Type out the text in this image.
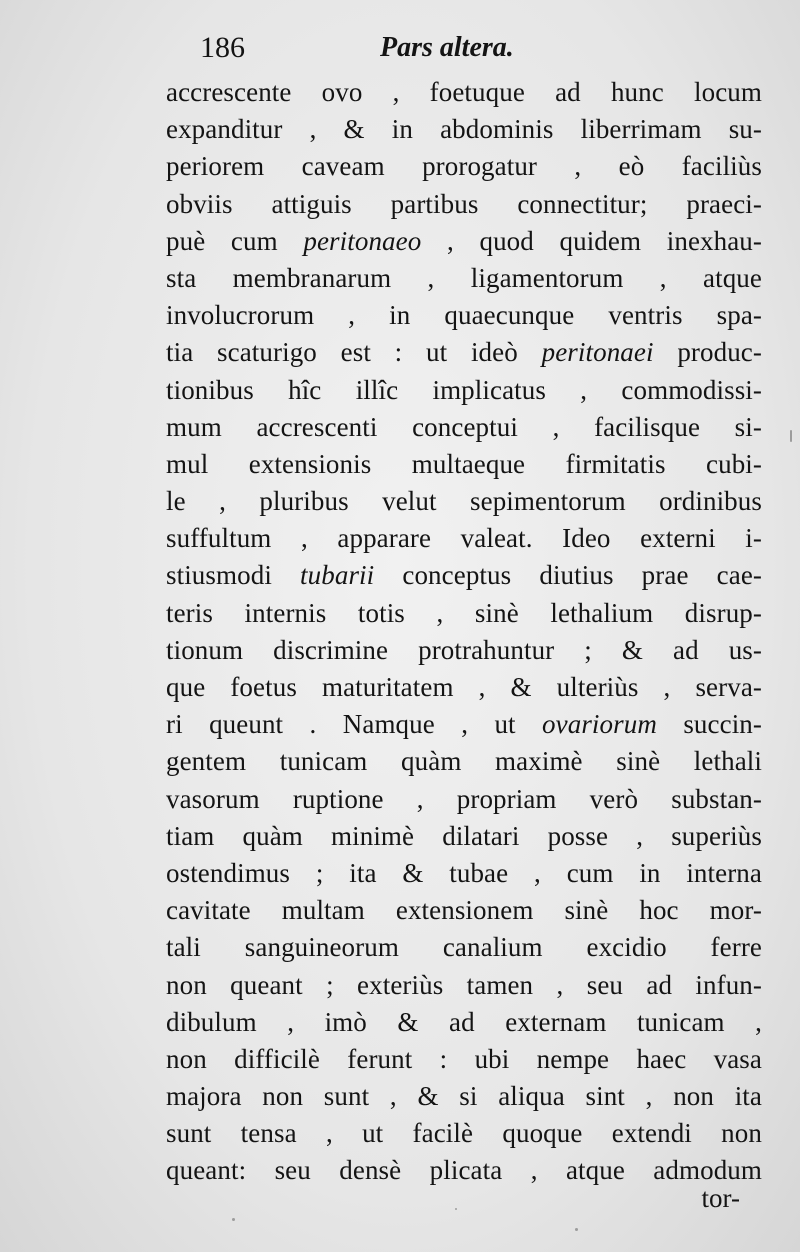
186	Pars altera.
accrescente ovo , foetuque ad hunc locum
expanditur , & in abdominis liberrimam su-
periorem caveam prorogatur , eò faciliùs
obviis attiguis partibus connectitur; praeci-
puè cum peritonaeo , quod quidem inexhau-
sta membranarum , ligamentorum , atque
involucrorum , in quaecunque ventris spa-
tia scaturigo est : ut ideò peritonaei produc-
tionibus hîc illîc implicatus , commodissi-
mum accrescenti conceptui , facilisque si-
mul extensionis multaeque firmitatis cubi-
le , pluribus velut sepimentorum ordinibus
suffultum , apparare valeat. Ideo externi i-
stiusmodi tubarii conceptus diutius prae cae-
teris internis totis , sinè lethalium disrup-
tionum discrimine protrahuntur ; & ad us-
que foetus maturitatem , & ulteriùs , serva-
ri queunt . Namque , ut ovariorum succin-
gentem tunicam quàm maximè sinè lethali
vasorum ruptione , propriam verò substan-
tiam quàm minimè dilatari posse , superiùs
ostendimus ; ita & tubae , cum in interna
cavitate multam extensionem sinè hoc mor-
tali sanguineorum canalium excidio ferre
non queant ; exteriùs tamen , seu ad infun-
dibulum , imò & ad externam tunicam ,
non difficilè ferunt : ubi nempe haec vasa
majora non sunt , & si aliqua sint , non ita
sunt tensa , ut facilè quoque extendi non
queant: seu densè plicata , atque admodum
tor-
